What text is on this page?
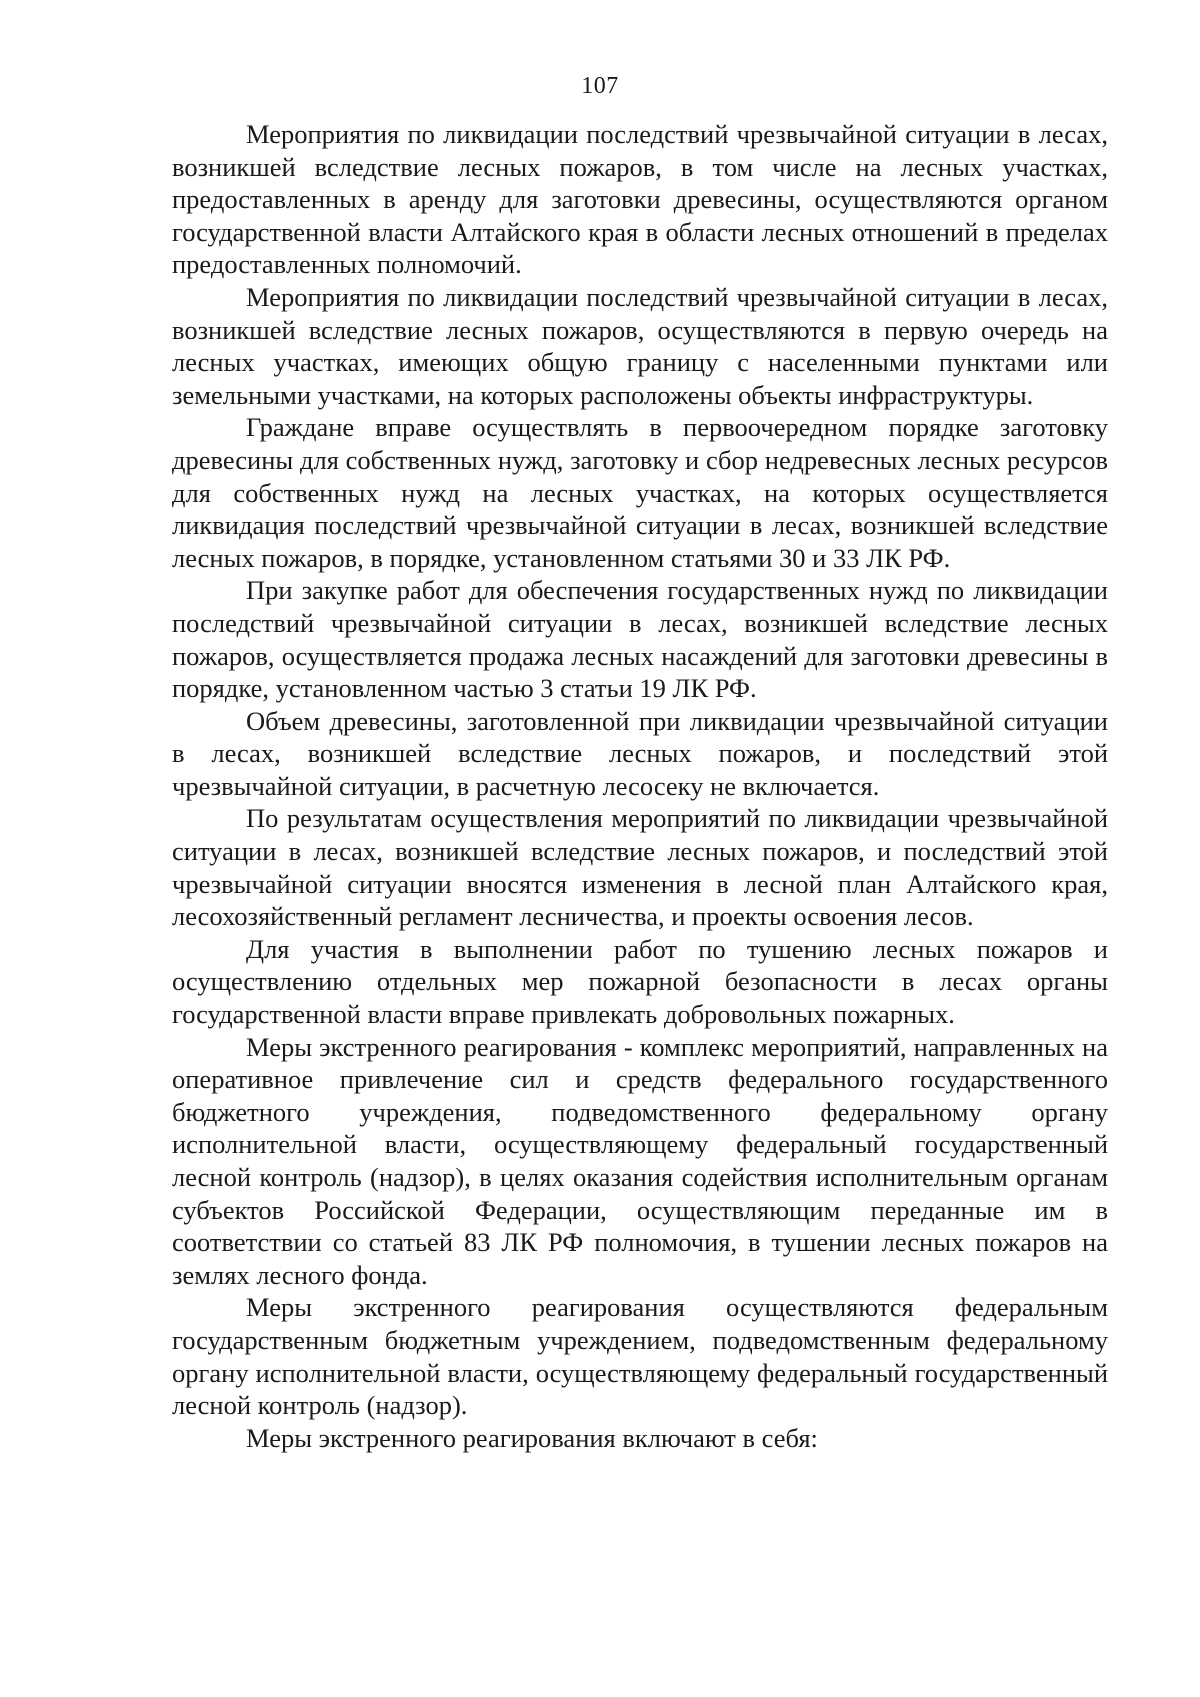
107

Мероприятия по ликвидации последствий чрезвычайной ситуации в лесах, возникшей вследствие лесных пожаров, в том числе на лесных участках, предоставленных в аренду для заготовки древесины, осуществляются органом государственной власти Алтайского края в области лесных отношений в пределах предоставленных полномочий.

Мероприятия по ликвидации последствий чрезвычайной ситуации в лесах, возникшей вследствие лесных пожаров, осуществляются в первую очередь на лесных участках, имеющих общую границу с населенными пунктами или земельными участками, на которых расположены объекты инфраструктуры.

Граждане вправе осуществлять в первоочередном порядке заготовку древесины для собственных нужд, заготовку и сбор недревесных лесных ресурсов для собственных нужд на лесных участках, на которых осуществляется ликвидация последствий чрезвычайной ситуации в лесах, возникшей вследствие лесных пожаров, в порядке, установленном статьями 30 и 33 ЛК РФ.

При закупке работ для обеспечения государственных нужд по ликвидации последствий чрезвычайной ситуации в лесах, возникшей вследствие лесных пожаров, осуществляется продажа лесных насаждений для заготовки древесины в порядке, установленном частью 3 статьи 19 ЛК РФ.

Объем древесины, заготовленной при ликвидации чрезвычайной ситуации в лесах, возникшей вследствие лесных пожаров, и последствий этой чрезвычайной ситуации, в расчетную лесосеку не включается.

По результатам осуществления мероприятий по ликвидации чрезвычайной ситуации в лесах, возникшей вследствие лесных пожаров, и последствий этой чрезвычайной ситуации вносятся изменения в лесной план Алтайского края, лесохозяйственный регламент лесничества, и проекты освоения лесов.

Для участия в выполнении работ по тушению лесных пожаров и осуществлению отдельных мер пожарной безопасности в лесах органы государственной власти вправе привлекать добровольных пожарных.

Меры экстренного реагирования - комплекс мероприятий, направленных на оперативное привлечение сил и средств федерального государственного бюджетного учреждения, подведомственного федеральному органу исполнительной власти, осуществляющему федеральный государственный лесной контроль (надзор), в целях оказания содействия исполнительным органам субъектов Российской Федерации, осуществляющим переданные им в соответствии со статьей 83 ЛК РФ полномочия, в тушении лесных пожаров на землях лесного фонда.

Меры экстренного реагирования осуществляются федеральным государственным бюджетным учреждением, подведомственным федеральному органу исполнительной власти, осуществляющему федеральный государственный лесной контроль (надзор).

Меры экстренного реагирования включают в себя:
